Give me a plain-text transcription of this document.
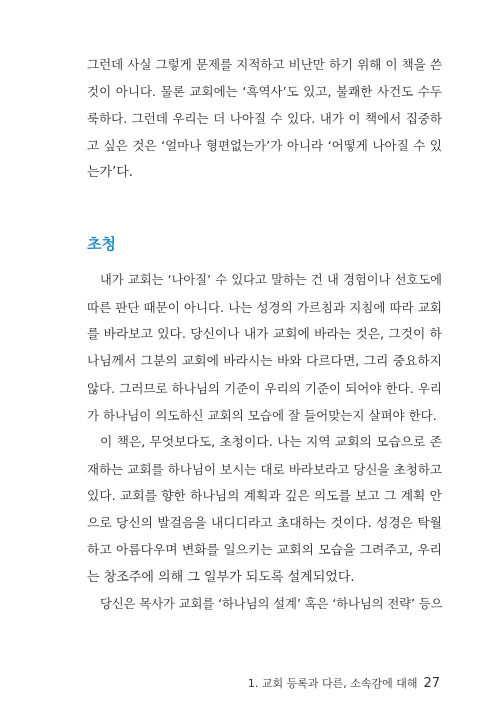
그런데 사실 그렇게 문제를 지적하고 비난만 하기 위해 이 책을 쓴
것이 아니다. 물론 교회에는 ‘흑역사’도 있고, 불쾌한 사건도 수두
룩하다. 그런데 우리는 더 나아질 수 있다. 내가 이 책에서 집중하
고 싶은 것은 ‘얼마나 형편없는가’가 아니라 ‘어떻게 나아질 수 있
는가’다.
초청
내가 교회는 ‘나아질’ 수 있다고 말하는 건 내 경험이나 선호도에
따른 판단 때문이 아니다. 나는 성경의 가르침과 지침에 따라 교회
를 바라보고 있다. 당신이나 내가 교회에 바라는 것은, 그것이 하
나님께서 그분의 교회에 바라시는 바와 다르다면, 그리 중요하지
않다. 그러므로 하나님의 기준이 우리의 기준이 되어야 한다. 우리
가 하나님이 의도하신 교회의 모습에 잘 들어맞는지 살펴야 한다.
이 책은, 무엇보다도, 초청이다. 나는 지역 교회의 모습으로 존
재하는 교회를 하나님이 보시는 대로 바라보라고 당신을 초청하고
있다. 교회를 향한 하나님의 계획과 깊은 의도를 보고 그 계획 안
으로 당신의 발걸음을 내디디라고 초대하는 것이다. 성경은 탁월
하고 아름다우며 변화를 일으키는 교회의 모습을 그려주고, 우리
는 창조주에 의해 그 일부가 되도록 설계되었다.
당신은 목사가 교회를 ‘하나님의 설계’ 혹은 ‘하나님의 전략’ 등으
1. 교회 등록과 다른, 소속감에 대해 27
